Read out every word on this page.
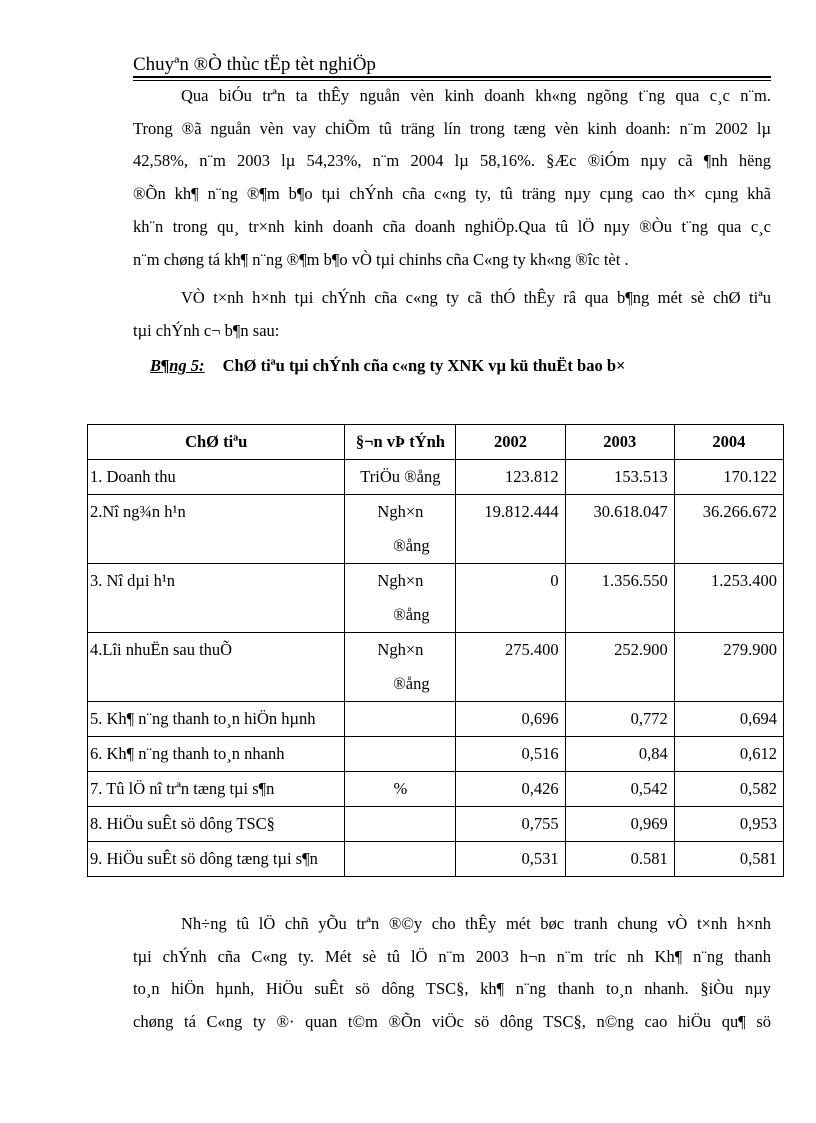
Chuyªn ®Ò thùc tËp tèt nghiÖp
Qua biÓu trªn ta thÊy nguån vèn kinh doanh kh«ng ngõng t¨ng qua c¸c n¨m.
Trong ®ã nguån vèn vay chiÕm tû träng lín trong tæng vèn kinh doanh: n¨m 2002 lµ
42,58%, n¨m 2003 lµ 54,23%, n¨m 2004 lµ 58,16%. §Æc ®iÓm nµy cã ¶nh hëng
®Õn kh¶ n¨ng ®¶m b¶o tµi chÝnh cña c«ng ty, tû träng nµy cµng cao th× cµng khã
kh¨n trong qu¸ tr×nh kinh doanh cña doanh nghiÖp.Qua tû lÖ nµy ®Òu t¨ng qua c¸c
n¨m chøng tá kh¶ n¨ng ®¶m b¶o vÒ tµi chinhs cña C«ng ty kh«ng ®îc tèt .
VÒ t×nh h×nh tµi chÝnh cña c«ng ty cã thÓ thÊy râ qua b¶ng mét sè chØ tiªu
tµi chÝnh c¬ b¶n sau:
B¶ng 5: ChØ tiªu tµi chÝnh cña c«ng ty XNK vµ kü thuËt bao b×
ChØ tiªu	§¬n vÞ tÝnh	2002	2003	2004
1. Doanh thu	TriÖu ®ång	123.812	153.513	170.122
2.Nî ng¾n h¹n	Ngh×n
®ång	19.812.444	30.618.047	36.266.672
3. Nî dµi h¹n	Ngh×n
®ång	0	1.356.550	1.253.400
4.Lîi nhuËn sau thuÕ	Ngh×n
®ång	275.400	252.900	279.900
5. Kh¶ n¨ng thanh to¸n hiÖn hµnh		0,696	0,772	0,694
6. Kh¶ n¨ng thanh to¸n nhanh		0,516	0,84	0,612
7. Tû lÖ nî trªn tæng tµi s¶n	%	0,426	0,542	0,582
8. HiÖu suÊt sö dông TSC§		0,755	0,969	0,953
9. HiÖu suÊt sö dông tæng tµi s¶n		0,531	0.581	0,581
Nh÷ng tû lÖ chñ yÕu trªn ®©y cho thÊy mét bøc tranh chung vÒ t×nh h×nh
tµi chÝnh cña C«ng ty. Mét sè tû lÖ n¨m 2003 h¬n n¨m tríc nh Kh¶ n¨ng thanh
to¸n hiÖn hµnh, HiÖu suÊt sö dông TSC§, kh¶ n¨ng thanh to¸n nhanh. §iÒu nµy
chøng tá C«ng ty ®· quan t©m ®Õn viÖc sö dông TSC§, n©ng cao hiÖu qu¶ sö
